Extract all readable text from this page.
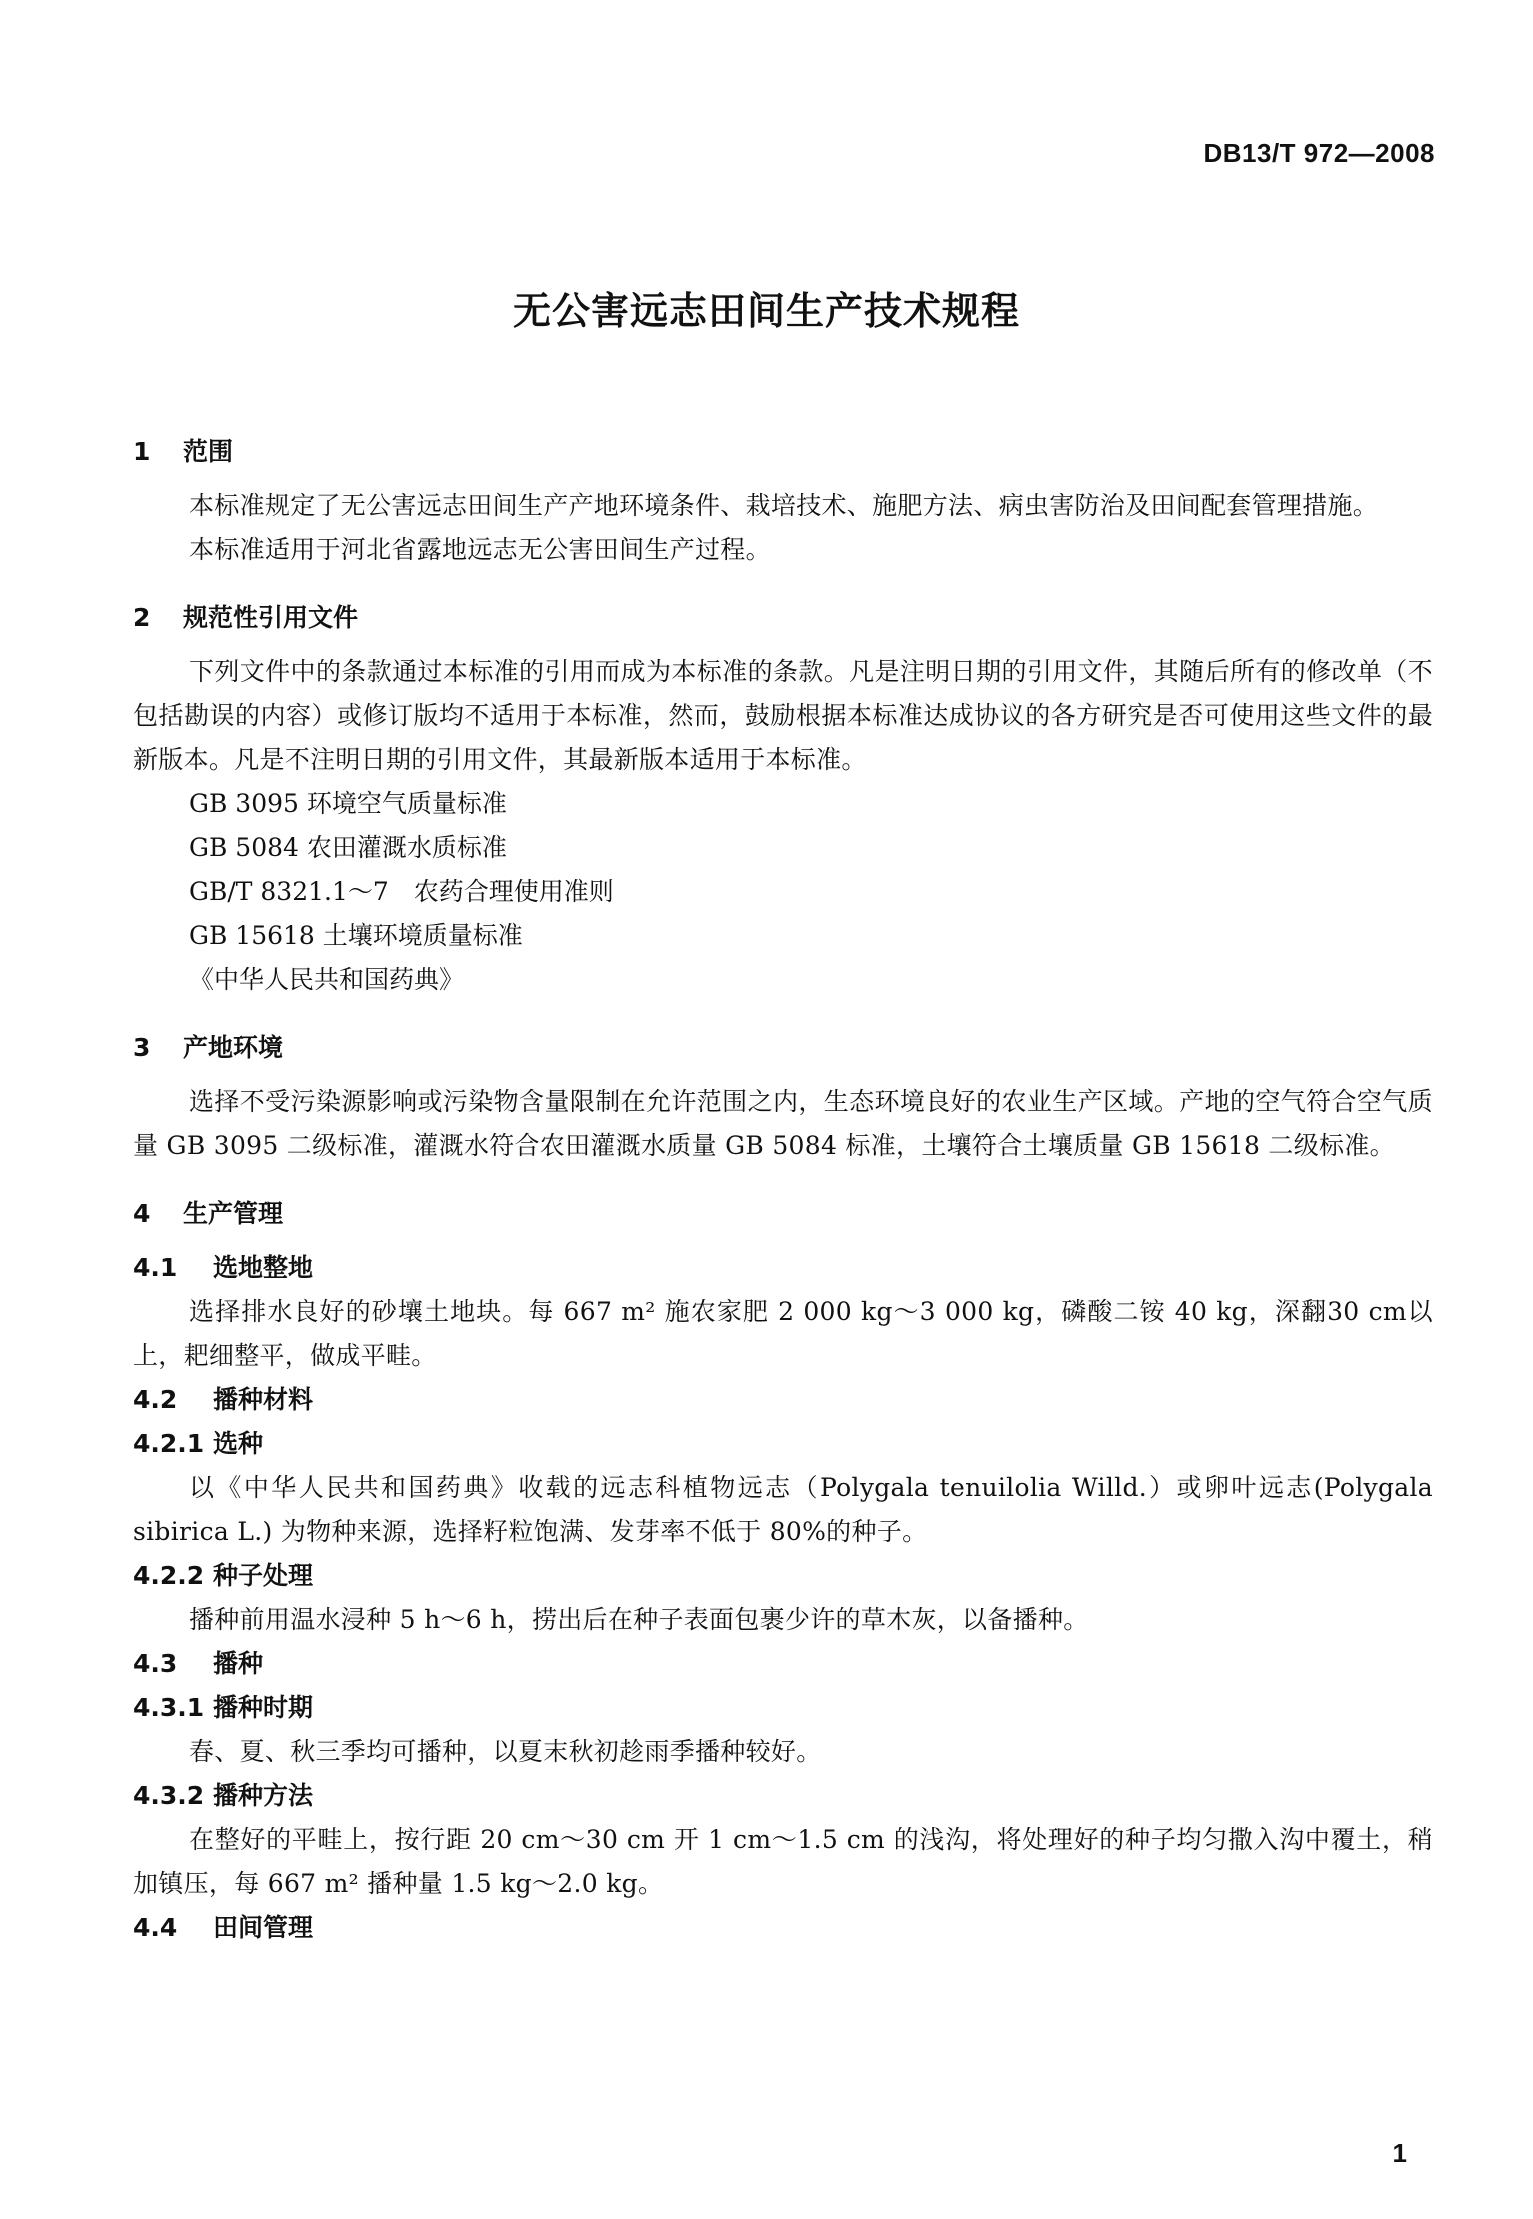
DB13/T 972—2008
无公害远志田间生产技术规程
1 范围

本标准规定了无公害远志田间生产产地环境条件、栽培技术、施肥方法、病虫害防治及田间配套管理措施。

本标准适用于河北省露地远志无公害田间生产过程。

2 规范性引用文件

下列文件中的条款通过本标准的引用而成为本标准的条款。凡是注明日期的引用文件，其随后所有的修改单（不包括勘误的内容）或修订版均不适用于本标准，然而，鼓励根据本标准达成协议的各方研究是否可使用这些文件的最新版本。凡是不注明日期的引用文件，其最新版本适用于本标准。

GB 3095 环境空气质量标准

GB 5084 农田灌溉水质标准

GB/T 8321.1～7　农药合理使用准则

GB 15618 土壤环境质量标准

《中华人民共和国药典》

3 产地环境

选择不受污染源影响或污染物含量限制在允许范围之内，生态环境良好的农业生产区域。产地的空气符合空气质量 GB 3095 二级标准，灌溉水符合农田灌溉水质量 GB 5084 标准，土壤符合土壤质量 GB 15618 二级标准。

4 生产管理
4.1 选地整地

选择排水良好的砂壤土地块。每 667 m² 施农家肥 2 000 kg～3 000 kg，磷酸二铵 40 kg，深翻30 cm以上，耙细整平，做成平畦。

4.2 播种材料
4.2.1 选种

以《中华人民共和国药典》收载的远志科植物远志（Polygala tenuilolia Willd.）或卵叶远志(Polygala sibirica L.) 为物种来源，选择籽粒饱满、发芽率不低于 80%的种子。

4.2.2 种子处理

播种前用温水浸种 5 h～6 h，捞出后在种子表面包裹少许的草木灰，以备播种。

4.3 播种
4.3.1 播种时期

春、夏、秋三季均可播种，以夏末秋初趁雨季播种较好。

4.3.2 播种方法

在整好的平畦上，按行距 20 cm～30 cm 开 1 cm～1.5 cm 的浅沟，将处理好的种子均匀撒入沟中覆土，稍加镇压，每 667 m² 播种量 1.5 kg～2.0 kg。

4.4 田间管理
1
